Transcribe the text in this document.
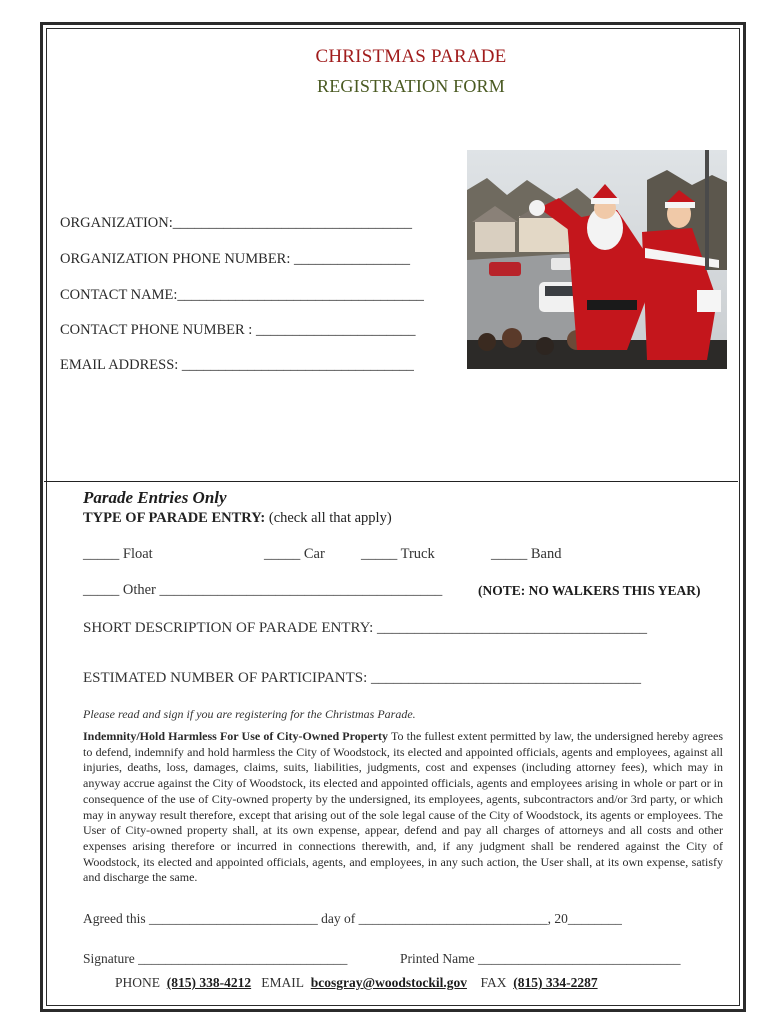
CHRISTMAS PARADE
REGISTRATION FORM
ORGANIZATION:_________________________________
ORGANIZATION PHONE NUMBER: ________________
CONTACT NAME:__________________________________
CONTACT PHONE NUMBER : ______________________
EMAIL ADDRESS: ________________________________
Parade Entries Only
TYPE OF PARADE ENTRY: (check all that apply)
_____ Float	_____ Car _____ Truck	_____ Band
_____ Other _______________________________________	(NOTE: NO WALKERS THIS YEAR)
SHORT DESCRIPTION OF PARADE ENTRY: ____________________________________
ESTIMATED NUMBER OF PARTICIPANTS: ____________________________________
Please read and sign if you are registering for the Christmas Parade.
Indemnity/Hold Harmless For Use of City-Owned Property To the fullest extent permitted by law, the undersigned hereby agrees to defend, indemnify and hold harmless the City of Woodstock, its elected and appointed officials, agents and employees, against all injuries, deaths, loss, damages, claims, suits, liabilities, judgments, cost and expenses (including attorney fees), which may in anyway accrue against the City of Woodstock, its elected and appointed officials, agents and employees arising in whole or part or in consequence of the use of City-owned property by the undersigned, its employees, agents, subcontractors and/or 3rd party, or which may in anyway result therefore, except that arising out of the sole legal cause of the City of Woodstock, its agents or employees. The User of City-owned property shall, at its own expense, appear, defend and pay all charges of attorneys and all costs and other expenses arising therefore or incurred in connections therewith, and, if any judgment shall be rendered against the City of Woodstock, its elected and appointed officials, agents, and employees, in any such action, the User shall, at its own expense, satisfy and discharge the same.
Agreed this _________________________ day of ____________________________, 20________
Signature _______________________________	Printed Name ______________________________
PHONE (815) 338-4212 EMAIL bcosgray@woodstockil.gov FAX (815) 334-2287
